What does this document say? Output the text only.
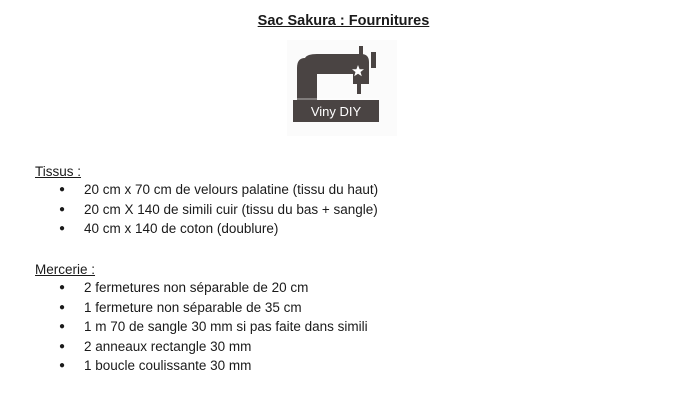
Sac Sakura : Fournitures
Viny DIY
Tissus :
● 20 cm x 70 cm de velours palatine (tissu du haut)
● 20 cm X 140 de simili cuir (tissu du bas + sangle)
● 40 cm x 140 de coton (doublure)
Mercerie :
● 2 fermetures non séparable de 20 cm
● 1 fermeture non séparable de 35 cm
● 1 m 70 de sangle 30 mm si pas faite dans simili
● 2 anneaux rectangle 30 mm
● 1 boucle coulissante 30 mm
